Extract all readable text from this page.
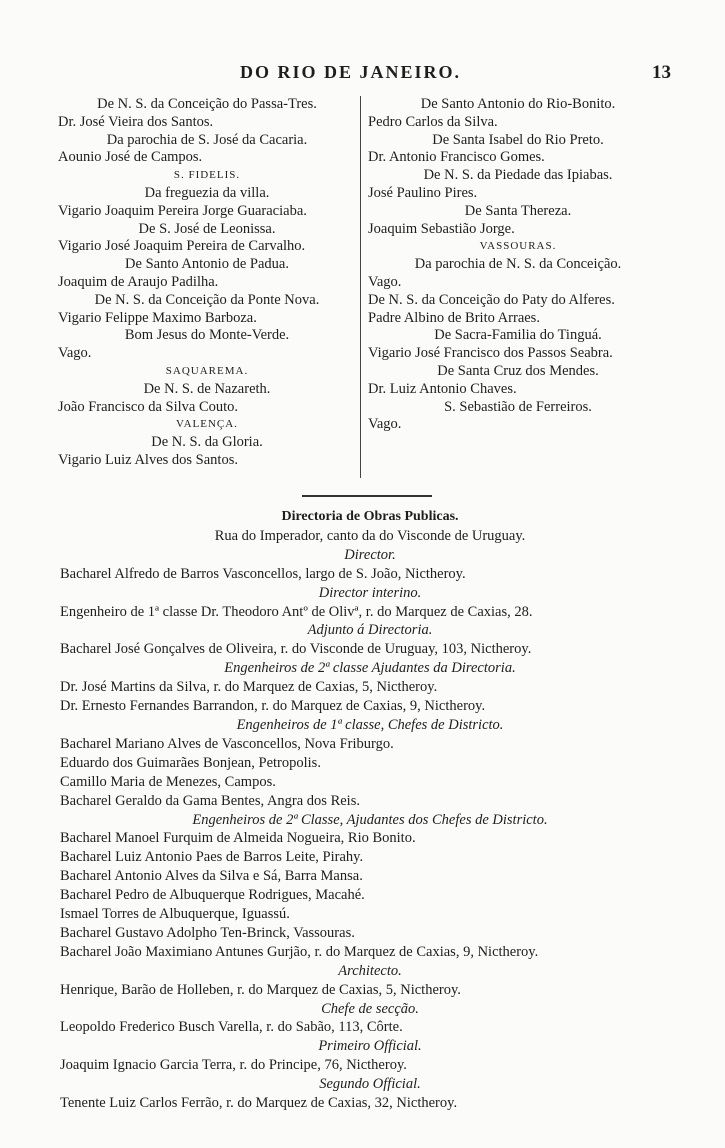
DO RIO DE JANEIRO.	13
De N. S. da Conceição do Passa-Tres.
Dr. José Vieira dos Santos.
Da parochia de S. José da Cacaria.
Aounio José de Campos.
S. FIDELIS.
Da freguezia da villa.
Vigario Joaquim Pereira Jorge Guaraciaba.
De S. José de Leonissa.
Vigario José Joaquim Pereira de Carvalho.
De Santo Antonio de Padua.
Joaquim de Araujo Padilha.
De N. S. da Conceição da Ponte Nova.
Vigario Felippe Maximo Barboza.
Bom Jesus do Monte-Verde.
Vago.
SAQUAREMA.
De N. S. de Nazareth.
João Francisco da Silva Couto.
VALENÇA.
De N. S. da Gloria.
Vigario Luiz Alves dos Santos.
De Santo Antonio do Rio-Bonito.
Pedro Carlos da Silva.
De Santa Isabel do Rio Preto.
Dr. Antonio Francisco Gomes.
De N. S. da Piedade das Ipiabas.
José Paulino Pires.
De Santa Thereza.
Joaquim Sebastião Jorge.
VASSOURAS.
Da parochia de N. S. da Conceição.
Vago.
De N. S. da Conceição do Paty do Alferes.
Padre Albino de Brito Arraes.
De Sacra-Familia do Tinguá.
Vigario José Francisco dos Passos Seabra.
De Santa Cruz dos Mendes.
Dr. Luiz Antonio Chaves.
S. Sebastião de Ferreiros.
Vago.
Directoria de Obras Publicas.
Rua do Imperador, canto da do Visconde de Uruguay.
Director.
Bacharel Alfredo de Barros Vasconcellos, largo de S. João, Nictheroy.
Director interino.
Engenheiro de 1ª classe Dr. Theodoro Antº de Olivª, r. do Marquez de Caxias, 28.
Adjunto á Directoria.
Bacharel José Gonçalves de Oliveira, r. do Visconde de Uruguay, 103, Nictheroy.
Engenheiros de 2ª classe Ajudantes da Directoria.
Dr. José Martins da Silva, r. do Marquez de Caxias, 5, Nictheroy.
Dr. Ernesto Fernandes Barrandon, r. do Marquez de Caxias, 9, Nictheroy.
Engenheiros de 1ª classe, Chefes de Districto.
Bacharel Mariano Alves de Vasconcellos, Nova Friburgo.
Eduardo dos Guimarães Bonjean, Petropolis.
Camillo Maria de Menezes, Campos.
Bacharel Geraldo da Gama Bentes, Angra dos Reis.
Engenheiros de 2ª Classe, Ajudantes dos Chefes de Districto.
Bacharel Manoel Furquim de Almeida Nogueira, Rio Bonito.
Bacharel Luiz Antonio Paes de Barros Leite, Pirahy.
Bacharel Antonio Alves da Silva e Sá, Barra Mansa.
Bacharel Pedro de Albuquerque Rodrigues, Macahé.
Ismael Torres de Albuquerque, Iguassú.
Bacharel Gustavo Adolpho Ten-Brinck, Vassouras.
Bacharel João Maximiano Antunes Gurjão, r. do Marquez de Caxias, 9, Nictheroy.
Architecto.
Henrique, Barão de Holleben, r. do Marquez de Caxias, 5, Nictheroy.
Chefe de secção.
Leopoldo Frederico Busch Varella, r. do Sabão, 113, Côrte.
Primeiro Official.
Joaquim Ignacio Garcia Terra, r. do Principe, 76, Nictheroy.
Segundo Official.
Tenente Luiz Carlos Ferrão, r. do Marquez de Caxias, 32, Nictheroy.
